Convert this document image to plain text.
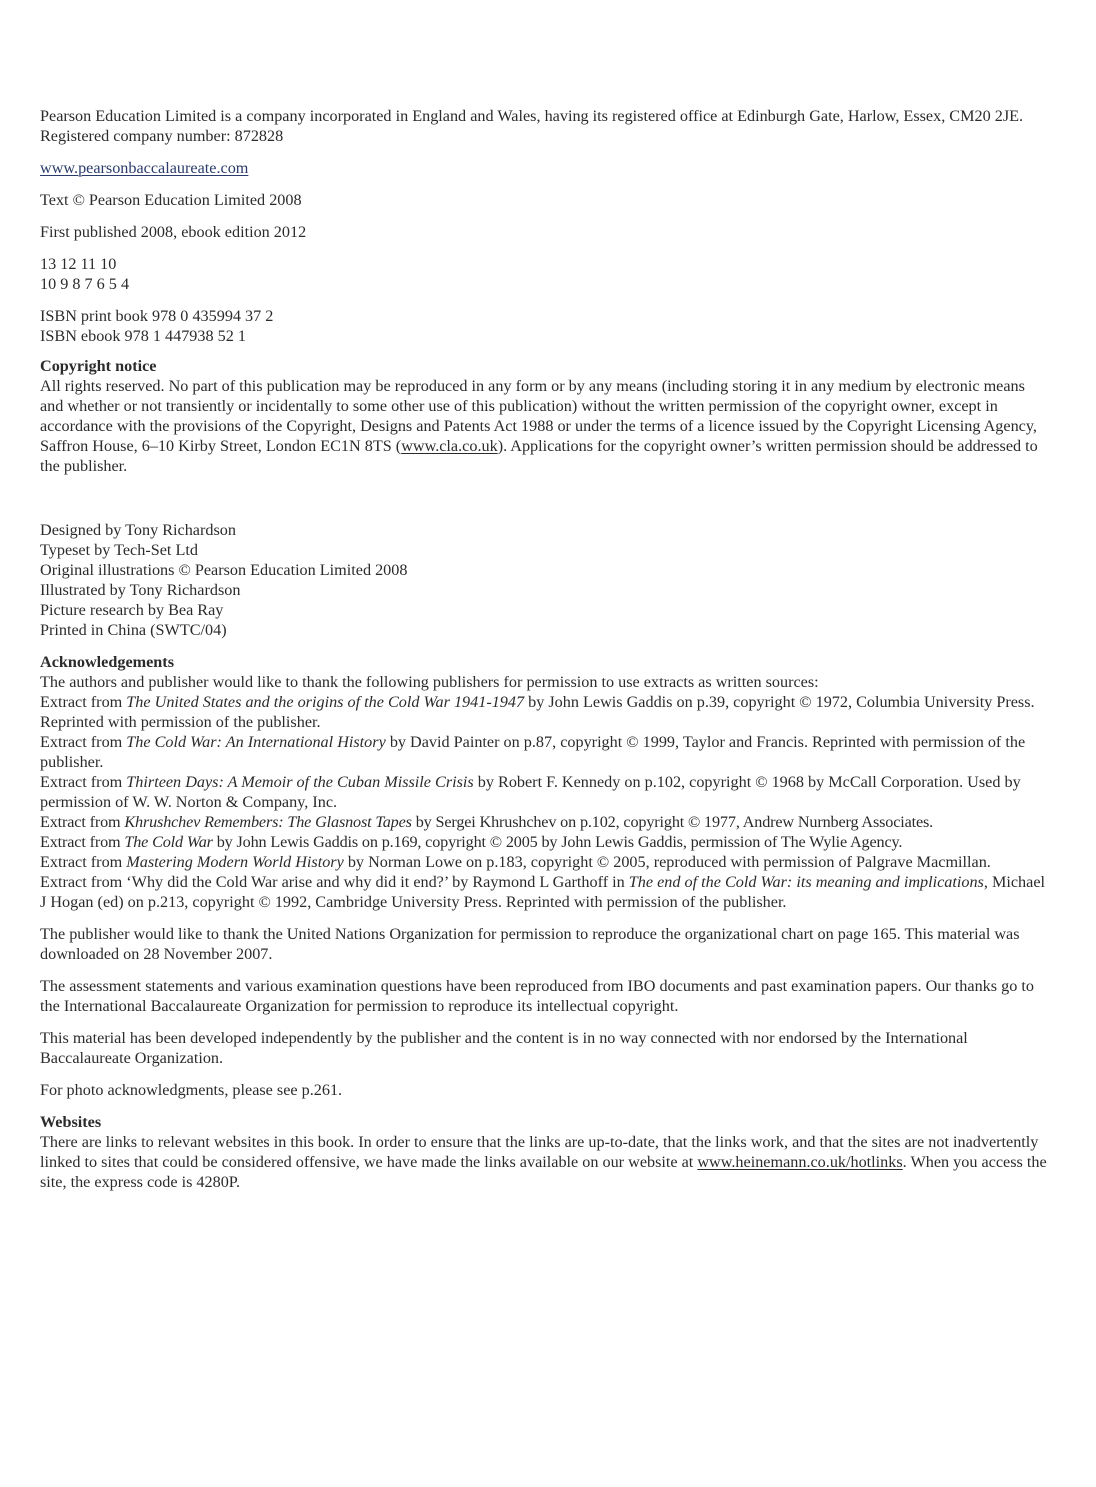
Pearson Education Limited is a company incorporated in England and Wales, having its registered office at Edinburgh Gate, Harlow, Essex, CM20 2JE. Registered company number: 872828

www.pearsonbaccalaureate.com

Text © Pearson Education Limited 2008

First published 2008, ebook edition 2012

13 12 11 10
10 9 8 7 6 5 4

ISBN print book 978 0 435994 37 2
ISBN ebook 978 1 447938 52 1

Copyright notice

All rights reserved. No part of this publication may be reproduced in any form or by any means (including storing it in any medium by electronic means and whether or not transiently or incidentally to some other use of this publication) without the written permission of the copyright owner, except in accordance with the provisions of the Copyright, Designs and Patents Act 1988 or under the terms of a licence issued by the Copyright Licensing Agency, Saffron House, 6–10 Kirby Street, London EC1N 8TS (www.cla.co.uk). Applications for the copyright owner’s written permission should be addressed to the publisher.

Designed by Tony Richardson
Typeset by Tech-Set Ltd
Original illustrations © Pearson Education Limited 2008
Illustrated by Tony Richardson
Picture research by Bea Ray
Printed in China (SWTC/04)

Acknowledgements

The authors and publisher would like to thank the following publishers for permission to use extracts as written sources:

Extract from The United States and the origins of the Cold War 1941-1947 by John Lewis Gaddis on p.39, copyright © 1972, Columbia University Press. Reprinted with permission of the publisher.

Extract from The Cold War: An International History by David Painter on p.87, copyright © 1999, Taylor and Francis. Reprinted with permission of the publisher.

Extract from Thirteen Days: A Memoir of the Cuban Missile Crisis by Robert F. Kennedy on p.102, copyright © 1968 by McCall Corporation. Used by permission of W. W. Norton & Company, Inc.

Extract from Khrushchev Remembers: The Glasnost Tapes by Sergei Khrushchev on p.102, copyright © 1977, Andrew Nurnberg Associates.

Extract from The Cold War by John Lewis Gaddis on p.169, copyright © 2005 by John Lewis Gaddis, permission of The Wylie Agency.

Extract from Mastering Modern World History by Norman Lowe on p.183, copyright © 2005, reproduced with permission of Palgrave Macmillan.

Extract from ‘Why did the Cold War arise and why did it end?’ by Raymond L Garthoff in The end of the Cold War: its meaning and implications, Michael J Hogan (ed) on p.213, copyright © 1992, Cambridge University Press. Reprinted with permission of the publisher.

The publisher would like to thank the United Nations Organization for permission to reproduce the organizational chart on page 165. This material was downloaded on 28 November 2007.

The assessment statements and various examination questions have been reproduced from IBO documents and past examination papers. Our thanks go to the International Baccalaureate Organization for permission to reproduce its intellectual copyright.

This material has been developed independently by the publisher and the content is in no way connected with nor endorsed by the International Baccalaureate Organization.

For photo acknowledgments, please see p.261.

Websites

There are links to relevant websites in this book. In order to ensure that the links are up-to-date, that the links work, and that the sites are not inadvertently linked to sites that could be considered offensive, we have made the links available on our website at www.heinemann.co.uk/hotlinks. When you access the site, the express code is 4280P.
